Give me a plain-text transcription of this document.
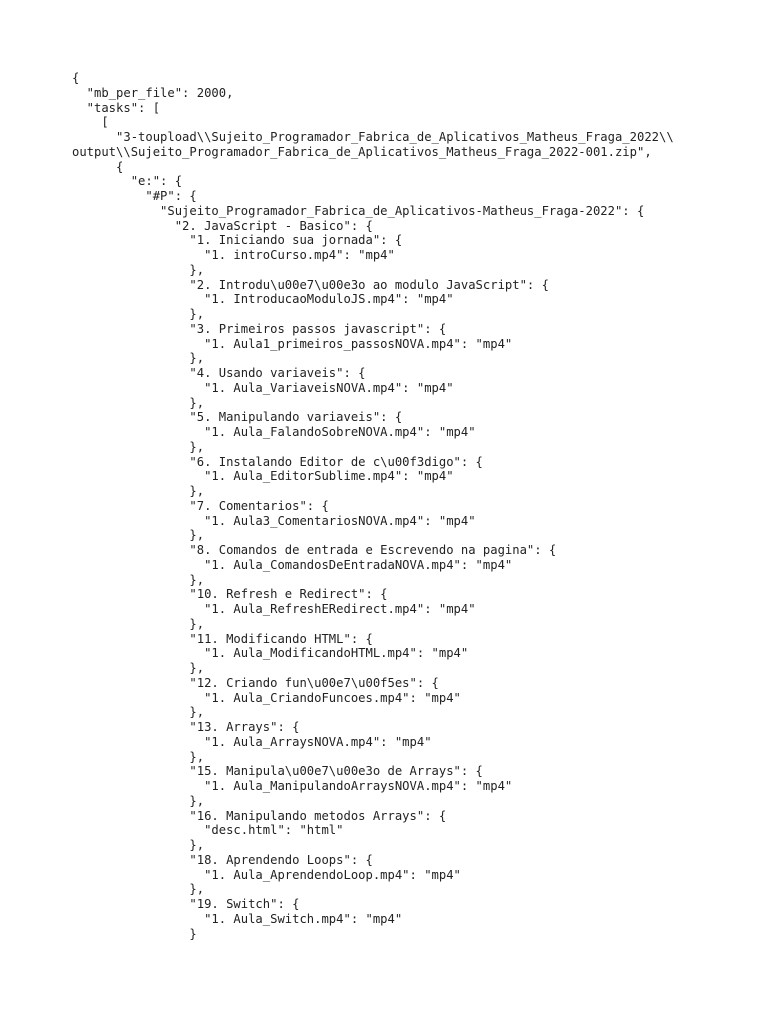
{
"mb_per_file": 2000,
"tasks": [
[
"3-toupload\\Sujeito_Programador_Fabrica_de_Aplicativos_Matheus_Fraga_2022\\
output\\Sujeito_Programador_Fabrica_de_Aplicativos_Matheus_Fraga_2022-001.zip",
{
"e:": {
"#P": {
"Sujeito_Programador_Fabrica_de_Aplicativos-Matheus_Fraga-2022": {
"2. JavaScript - Basico": {
"1. Iniciando sua jornada": {
"1. introCurso.mp4": "mp4"
},
"2. Introdu\u00e7\u00e3o ao modulo JavaScript": {
"1. IntroducaoModuloJS.mp4": "mp4"
},
"3. Primeiros passos javascript": {
"1. Aula1_primeiros_passosNOVA.mp4": "mp4"
},
"4. Usando variaveis": {
"1. Aula_VariaveisNOVA.mp4": "mp4"
},
"5. Manipulando variaveis": {
"1. Aula_FalandoSobreNOVA.mp4": "mp4"
},
"6. Instalando Editor de c\u00f3digo": {
"1. Aula_EditorSublime.mp4": "mp4"
},
"7. Comentarios": {
"1. Aula3_ComentariosNOVA.mp4": "mp4"
},
"8. Comandos de entrada e Escrevendo na pagina": {
"1. Aula_ComandosDeEntradaNOVA.mp4": "mp4"
},
"10. Refresh e Redirect": {
"1. Aula_RefreshERedirect.mp4": "mp4"
},
"11. Modificando HTML": {
"1. Aula_ModificandoHTML.mp4": "mp4"
},
"12. Criando fun\u00e7\u00f5es": {
"1. Aula_CriandoFuncoes.mp4": "mp4"
},
"13. Arrays": {
"1. Aula_ArraysNOVA.mp4": "mp4"
},
"15. Manipula\u00e7\u00e3o de Arrays": {
"1. Aula_ManipulandoArraysNOVA.mp4": "mp4"
},
"16. Manipulando metodos Arrays": {
"desc.html": "html"
},
"18. Aprendendo Loops": {
"1. Aula_AprendendoLoop.mp4": "mp4"
},
"19. Switch": {
"1. Aula_Switch.mp4": "mp4"
}
